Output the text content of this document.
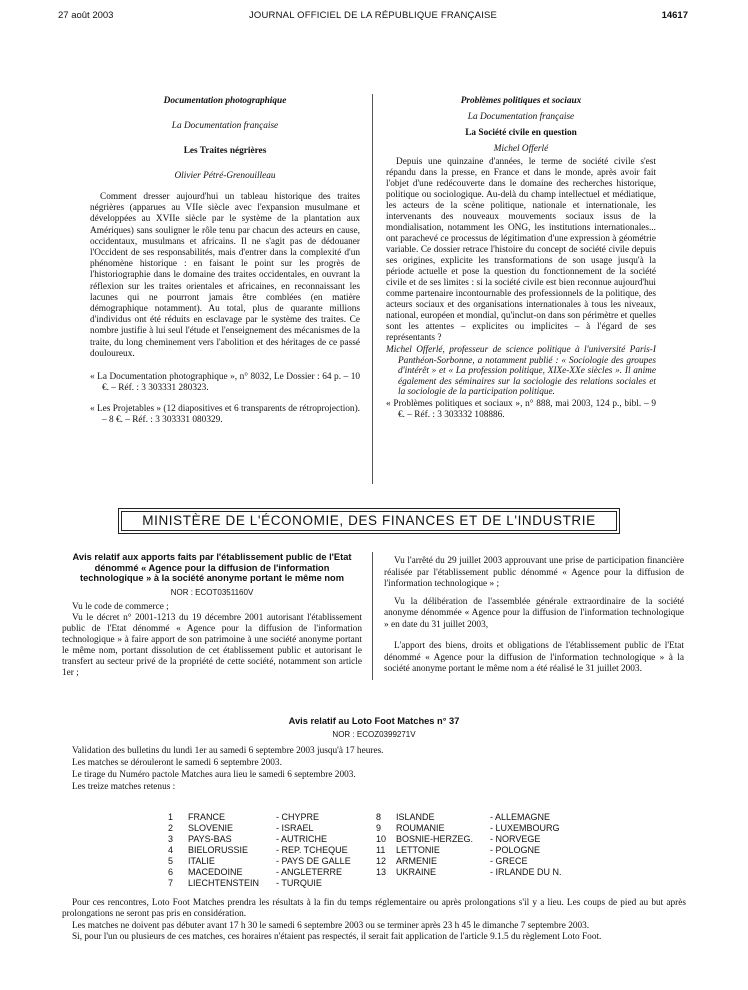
27 août 2003	JOURNAL OFFICIEL DE LA RÉPUBLIQUE FRANÇAISE	14617

Documentation photographique

La Documentation française

Les Traites négrières

Olivier Pétré-Grenouilleau

Comment dresser aujourd'hui un tableau historique des traites négrières (apparues au VIIe siècle avec l'expansion musulmane et développées au XVIIe siècle par le système de la plantation aux Amériques) sans souligner le rôle tenu par chacun des acteurs en cause, occidentaux, musulmans et africains. Il ne s'agit pas de dédouaner l'Occident de ses responsabilités, mais d'entrer dans la complexité d'un phénomène historique : en faisant le point sur les progrès de l'historiographie dans le domaine des traites occidentales, en ouvrant la réflexion sur les traites orientales et africaines, en reconnaissant les lacunes qui ne pourront jamais être comblées (en matière démographique notamment). Au total, plus de quarante millions d'individus ont été réduits en esclavage par le système des traites. Ce nombre justifie à lui seul l'étude et l'enseignement des mécanismes de la traite, du long cheminement vers l'abolition et des héritages de ce passé douloureux.

« La Documentation photographique », n° 8032, Le Dossier : 64 p. – 10 €. – Réf. : 3 303331 280323.

« Les Projetables » (12 diapositives et 6 transparents de rétroprojection). – 8 €. – Réf. : 3 303331 080329.

Problèmes politiques et sociaux

La Documentation française

La Société civile en question

Michel Offerlé

Depuis une quinzaine d'années, le terme de société civile s'est répandu dans la presse, en France et dans le monde, après avoir fait l'objet d'une redécouverte dans le domaine des recherches historique, politique ou sociologique. Au-delà du champ intellectuel et médiatique, les acteurs de la scène politique, nationale et internationale, les intervenants des nouveaux mouvements sociaux issus de la mondialisation, notamment les ONG, les institutions internationales... ont parachevé ce processus de légitimation d'une expression à géométrie variable. Ce dossier retrace l'histoire du concept de société civile depuis ses origines, explicite les transformations de son usage jusqu'à la période actuelle et pose la question du fonctionnement de la société civile et de ses limites : si la société civile est bien reconnue aujourd'hui comme partenaire incontournable des professionnels de la politique, des acteurs sociaux et des organisations internationales à tous les niveaux, national, européen et mondial, qu'inclut-on dans son périmètre et quelles sont les attentes – explicites ou implicites – à l'égard de ses représentants ?

Michel Offerlé, professeur de science politique à l'université Paris-I Panthéon-Sorbonne, a notamment publié : « Sociologie des groupes d'intérêt » et « La profession politique, XIXe-XXe siècles ». Il anime également des séminaires sur la sociologie des relations sociales et la sociologie de la participation politique.

« Problèmes politiques et sociaux », n° 888, mai 2003, 124 p., bibl. – 9 €. – Réf. : 3 303332 108886.

MINISTÈRE DE L'ÉCONOMIE, DES FINANCES ET DE L'INDUSTRIE

Avis relatif aux apports faits par l'établissement public de l'Etat dénommé « Agence pour la diffusion de l'information technologique » à la société anonyme portant le même nom

NOR : ECOT0351160V

Vu le code de commerce ;

Vu le décret n° 2001-1213 du 19 décembre 2001 autorisant l'établissement public de l'Etat dénommé « Agence pour la diffusion de l'information technologique » à faire apport de son patrimoine à une société anonyme portant le même nom, portant dissolution de cet établissement public et autorisant le transfert au secteur privé de la propriété de cette société, notamment son article 1er ;

Vu l'arrêté du 29 juillet 2003 approuvant une prise de participation financière réalisée par l'établissement public dénommé « Agence pour la diffusion de l'information technologique » ;

Vu la délibération de l'assemblée générale extraordinaire de la société anonyme dénommée « Agence pour la diffusion de l'information technologique » en date du 31 juillet 2003,

L'apport des biens, droits et obligations de l'établissement public de l'Etat dénommé « Agence pour la diffusion de l'information technologique » à la société anonyme portant le même nom a été réalisé le 31 juillet 2003.

Avis relatif au Loto Foot Matches n° 37

NOR : ECOZ0399271V

Validation des bulletins du lundi 1er au samedi 6 septembre 2003 jusqu'à 17 heures.

Les matches se dérouleront le samedi 6 septembre 2003.

Le tirage du Numéro pactole Matches aura lieu le samedi 6 septembre 2003.

Les treize matches retenus :

1	FRANCE	- CHYPRE	8	ISLANDE	- ALLEMAGNE
2	SLOVENIE	- ISRAEL	9	ROUMANIE	- LUXEMBOURG
3	PAYS-BAS	- AUTRICHE	10	BOSNIE-HERZEG.	- NORVEGE
4	BIELORUSSIE	- REP. TCHEQUE	11	LETTONIE	- POLOGNE
5	ITALIE	- PAYS DE GALLE	12	ARMENIE	- GRECE
6	MACEDOINE	- ANGLETERRE	13	UKRAINE	- IRLANDE DU N.
7	LIECHTENSTEIN	- TURQUIE			

Pour ces rencontres, Loto Foot Matches prendra les résultats à la fin du temps réglementaire ou après prolongations s'il y a lieu. Les coups de pied au but après prolongations ne seront pas pris en considération.

Les matches ne doivent pas débuter avant 17 h 30 le samedi 6 septembre 2003 ou se terminer après 23 h 45 le dimanche 7 septembre 2003.

Si, pour l'un ou plusieurs de ces matches, ces horaires n'étaient pas respectés, il serait fait application de l'article 9.1.5 du règlement Loto Foot.
